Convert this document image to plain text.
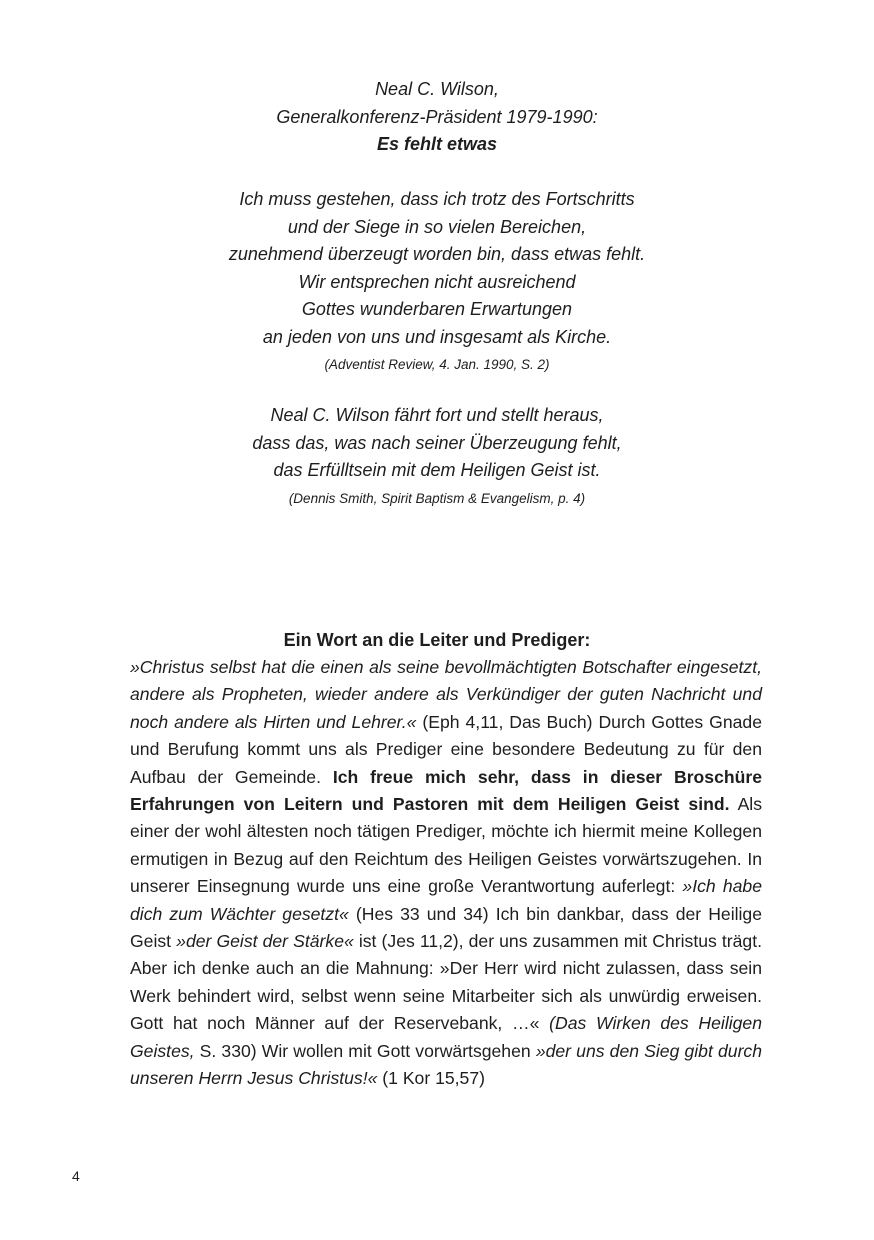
Neal C. Wilson,
Generalkonferenz-Präsident 1979-1990:
Es fehlt etwas
Ich muss gestehen, dass ich trotz des Fortschritts
und der Siege in so vielen Bereichen,
zunehmend überzeugt worden bin, dass etwas fehlt.
Wir entsprechen nicht ausreichend
Gottes wunderbaren Erwartungen
an jeden von uns und insgesamt als Kirche.
(Adventist Review, 4. Jan. 1990, S. 2)
Neal C. Wilson fährt fort und stellt heraus,
dass das, was nach seiner Überzeugung fehlt,
das Erfülltsein mit dem Heiligen Geist ist.
(Dennis Smith, Spirit Baptism & Evangelism, p. 4)
Ein Wort an die Leiter und Prediger:
»Christus selbst hat die einen als seine bevollmächtigten Botschafter eingesetzt, andere als Propheten, wieder andere als Verkündiger der guten Nachricht und noch andere als Hirten und Lehrer.« (Eph 4,11, Das Buch) Durch Gottes Gnade und Berufung kommt uns als Prediger eine besondere Bedeutung zu für den Aufbau der Gemeinde. Ich freue mich sehr, dass in dieser Broschüre Erfahrungen von Leitern und Pastoren mit dem Heiligen Geist sind. Als einer der wohl ältesten noch tätigen Prediger, möchte ich hiermit meine Kollegen ermutigen in Bezug auf den Reichtum des Heiligen Geistes vorwärtszugehen. In unserer Einsegnung wurde uns eine große Verantwortung auferlegt: »Ich habe dich zum Wächter gesetzt« (Hes 33 und 34) Ich bin dankbar, dass der Heilige Geist »der Geist der Stärke« ist (Jes 11,2), der uns zusammen mit Christus trägt. Aber ich denke auch an die Mahnung: »Der Herr wird nicht zulassen, dass sein Werk behindert wird, selbst wenn seine Mitarbeiter sich als unwürdig erweisen. Gott hat noch Männer auf der Reservebank, …« (Das Wirken des Heiligen Geistes, S. 330) Wir wollen mit Gott vorwärtsgehen »der uns den Sieg gibt durch unseren Herrn Jesus Christus!« (1 Kor 15,57)
4
